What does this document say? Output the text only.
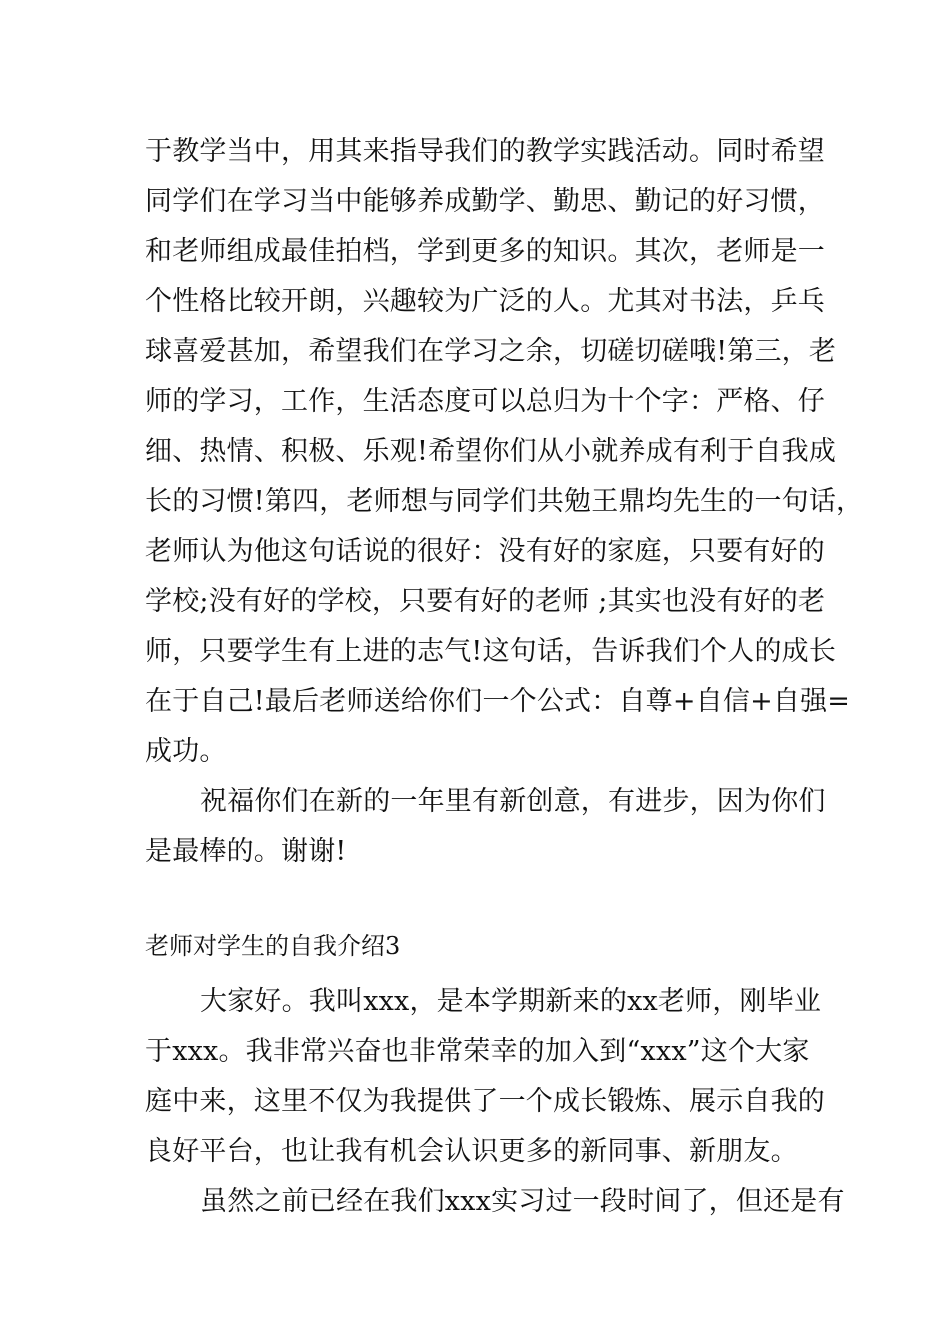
于教学当中，用其来指导我们的教学实践活动。同时希望
同学们在学习当中能够养成勤学、勤思、勤记的好习惯，
和老师组成最佳拍档，学到更多的知识。其次，老师是一
个性格比较开朗，兴趣较为广泛的人。尤其对书法，乒乓
球喜爱甚加，希望我们在学习之余，切磋切磋哦!第三，老
师的学习，工作，生活态度可以总归为十个字：严格、仔
细、热情、积极、乐观!希望你们从小就养成有利于自我成
长的习惯!第四，老师想与同学们共勉王鼎均先生的一句话，
老师认为他这句话说的很好：没有好的家庭，只要有好的
学校;没有好的学校，只要有好的老师 ;其实也没有好的老
师，只要学生有上进的志气!这句话，告诉我们个人的成长
在于自己!最后老师送给你们一个公式：自尊+自信+自强=
成功。
祝福你们在新的一年里有新创意，有进步，因为你们
是最棒的。谢谢!
老师对学生的自我介绍3
大家好。我叫xxx，是本学期新来的xx老师，刚毕业
于xxx。我非常兴奋也非常荣幸的加入到“xxx”这个大家
庭中来，这里不仅为我提供了一个成长锻炼、展示自我的
良好平台，也让我有机会认识更多的新同事、新朋友。
虽然之前已经在我们xxx实习过一段时间了，但还是有
